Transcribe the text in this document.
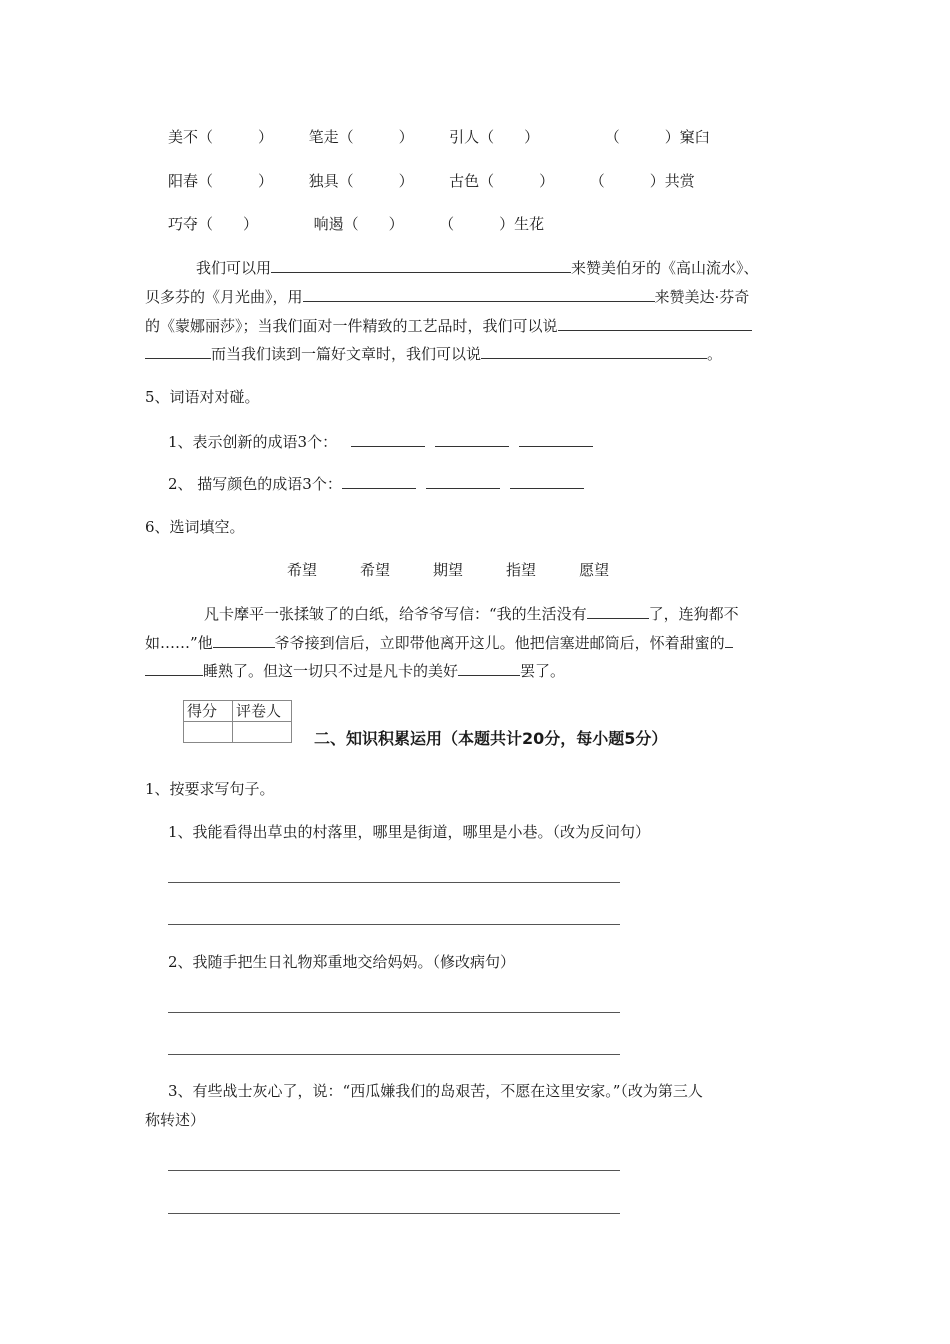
美不（　　　） 笔走（　　　） 引人（　　）	（　　　）窠臼
阳春（　　　） 独具（　　　） 古色（　　　） （　　　）共赏
巧夺（　　）	响遏（　　） （　　　）生花
我们可以用	来赞美伯牙的《高山流水》、
贝多芬的《月光曲》，用	来赞美达·芬奇
的《蒙娜丽莎》；当我们面对一件精致的工艺品时，我们可以说
而当我们读到一篇好文章时，我们可以说	。
5、词语对对碰。
1、表示创新的成语3个：
2、 描写颜色的成语3个：
6、选词填空。
希望	希望	期望	指望	愿望
凡卡摩平一张揉皱了的白纸，给爷爷写信：“我的生活没有	了，连狗都不
如……”他	爷爷接到信后，立即带他离开这儿。他把信塞进邮筒后，怀着甜蜜的
睡熟了。但这一切只不过是凡卡的美好	罢了。
得分	评卷人

二、知识积累运用（本题共计20分，每小题5分）
1、按要求写句子。
1、我能看得出草虫的村落里，哪里是街道，哪里是小巷。（改为反问句）
2、我随手把生日礼物郑重地交给妈妈。（修改病句）
3、有些战士灰心了，说：“西瓜嫌我们的岛艰苦，不愿在这里安家。”（改为第三人
称转述）
